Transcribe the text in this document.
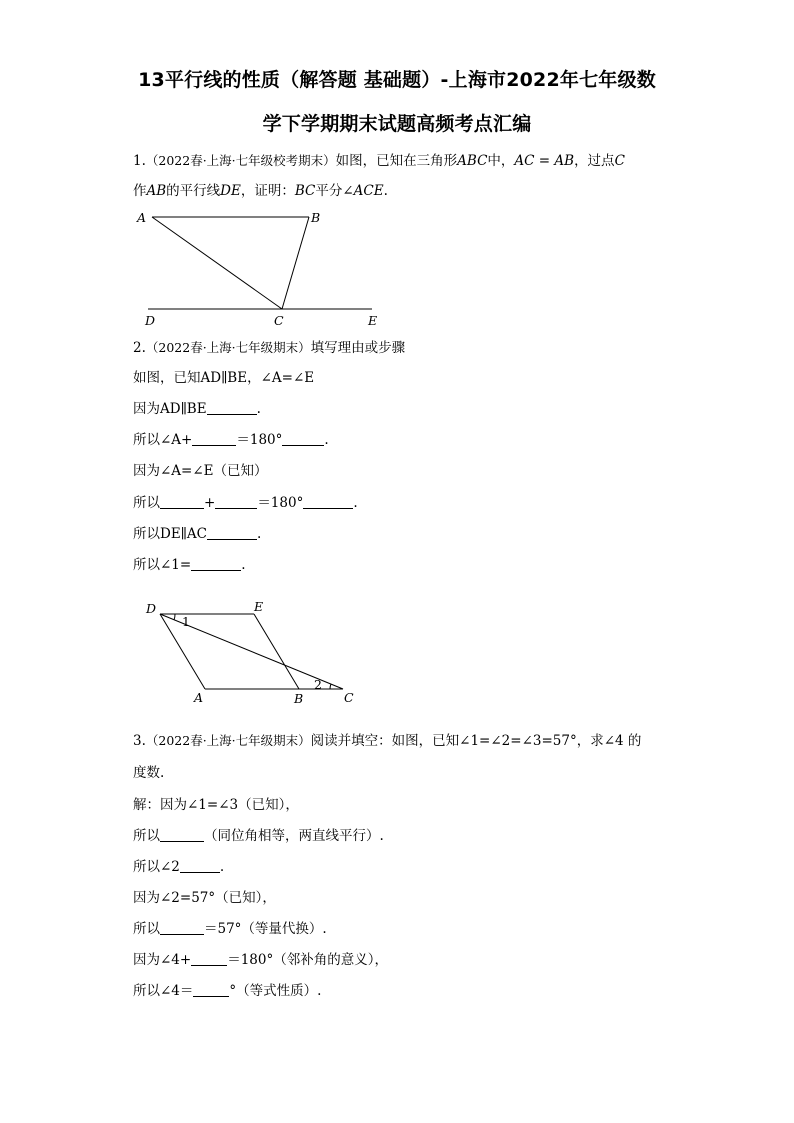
13平行线的性质（解答题 基础题）-上海市2022年七年级数
学下学期期末试题高频考点汇编
1.（2022春·上海·七年级校考期末）如图，已知在三角形ABC中，AC = AB，过点C
作AB的平行线DE，证明：BC平分∠ACE.
A	B
C
D	E
2.（2022春·上海·七年级期末）填写理由或步骤
如图，已知AD∥BE，∠A=∠E
因为AD∥BE	.
所以∠A+	＝180°	.
因为∠A=∠E（已知）
所以	+	＝180°	.
所以DE∥AC	.
所以∠1=	.
D	E
A	B	C
1
2
3.（2022春·上海·七年级期末）阅读并填空：如图，已知∠1=∠2=∠3=57°，求∠4 的
度数.
解：因为∠1=∠3（已知），
所以	（同位角相等，两直线平行）.
所以∠2	.
因为∠2=57°（已知），
所以	＝57°（等量代换）.
因为∠4+	＝180°（邻补角的意义），
所以∠4＝	°（等式性质）.
